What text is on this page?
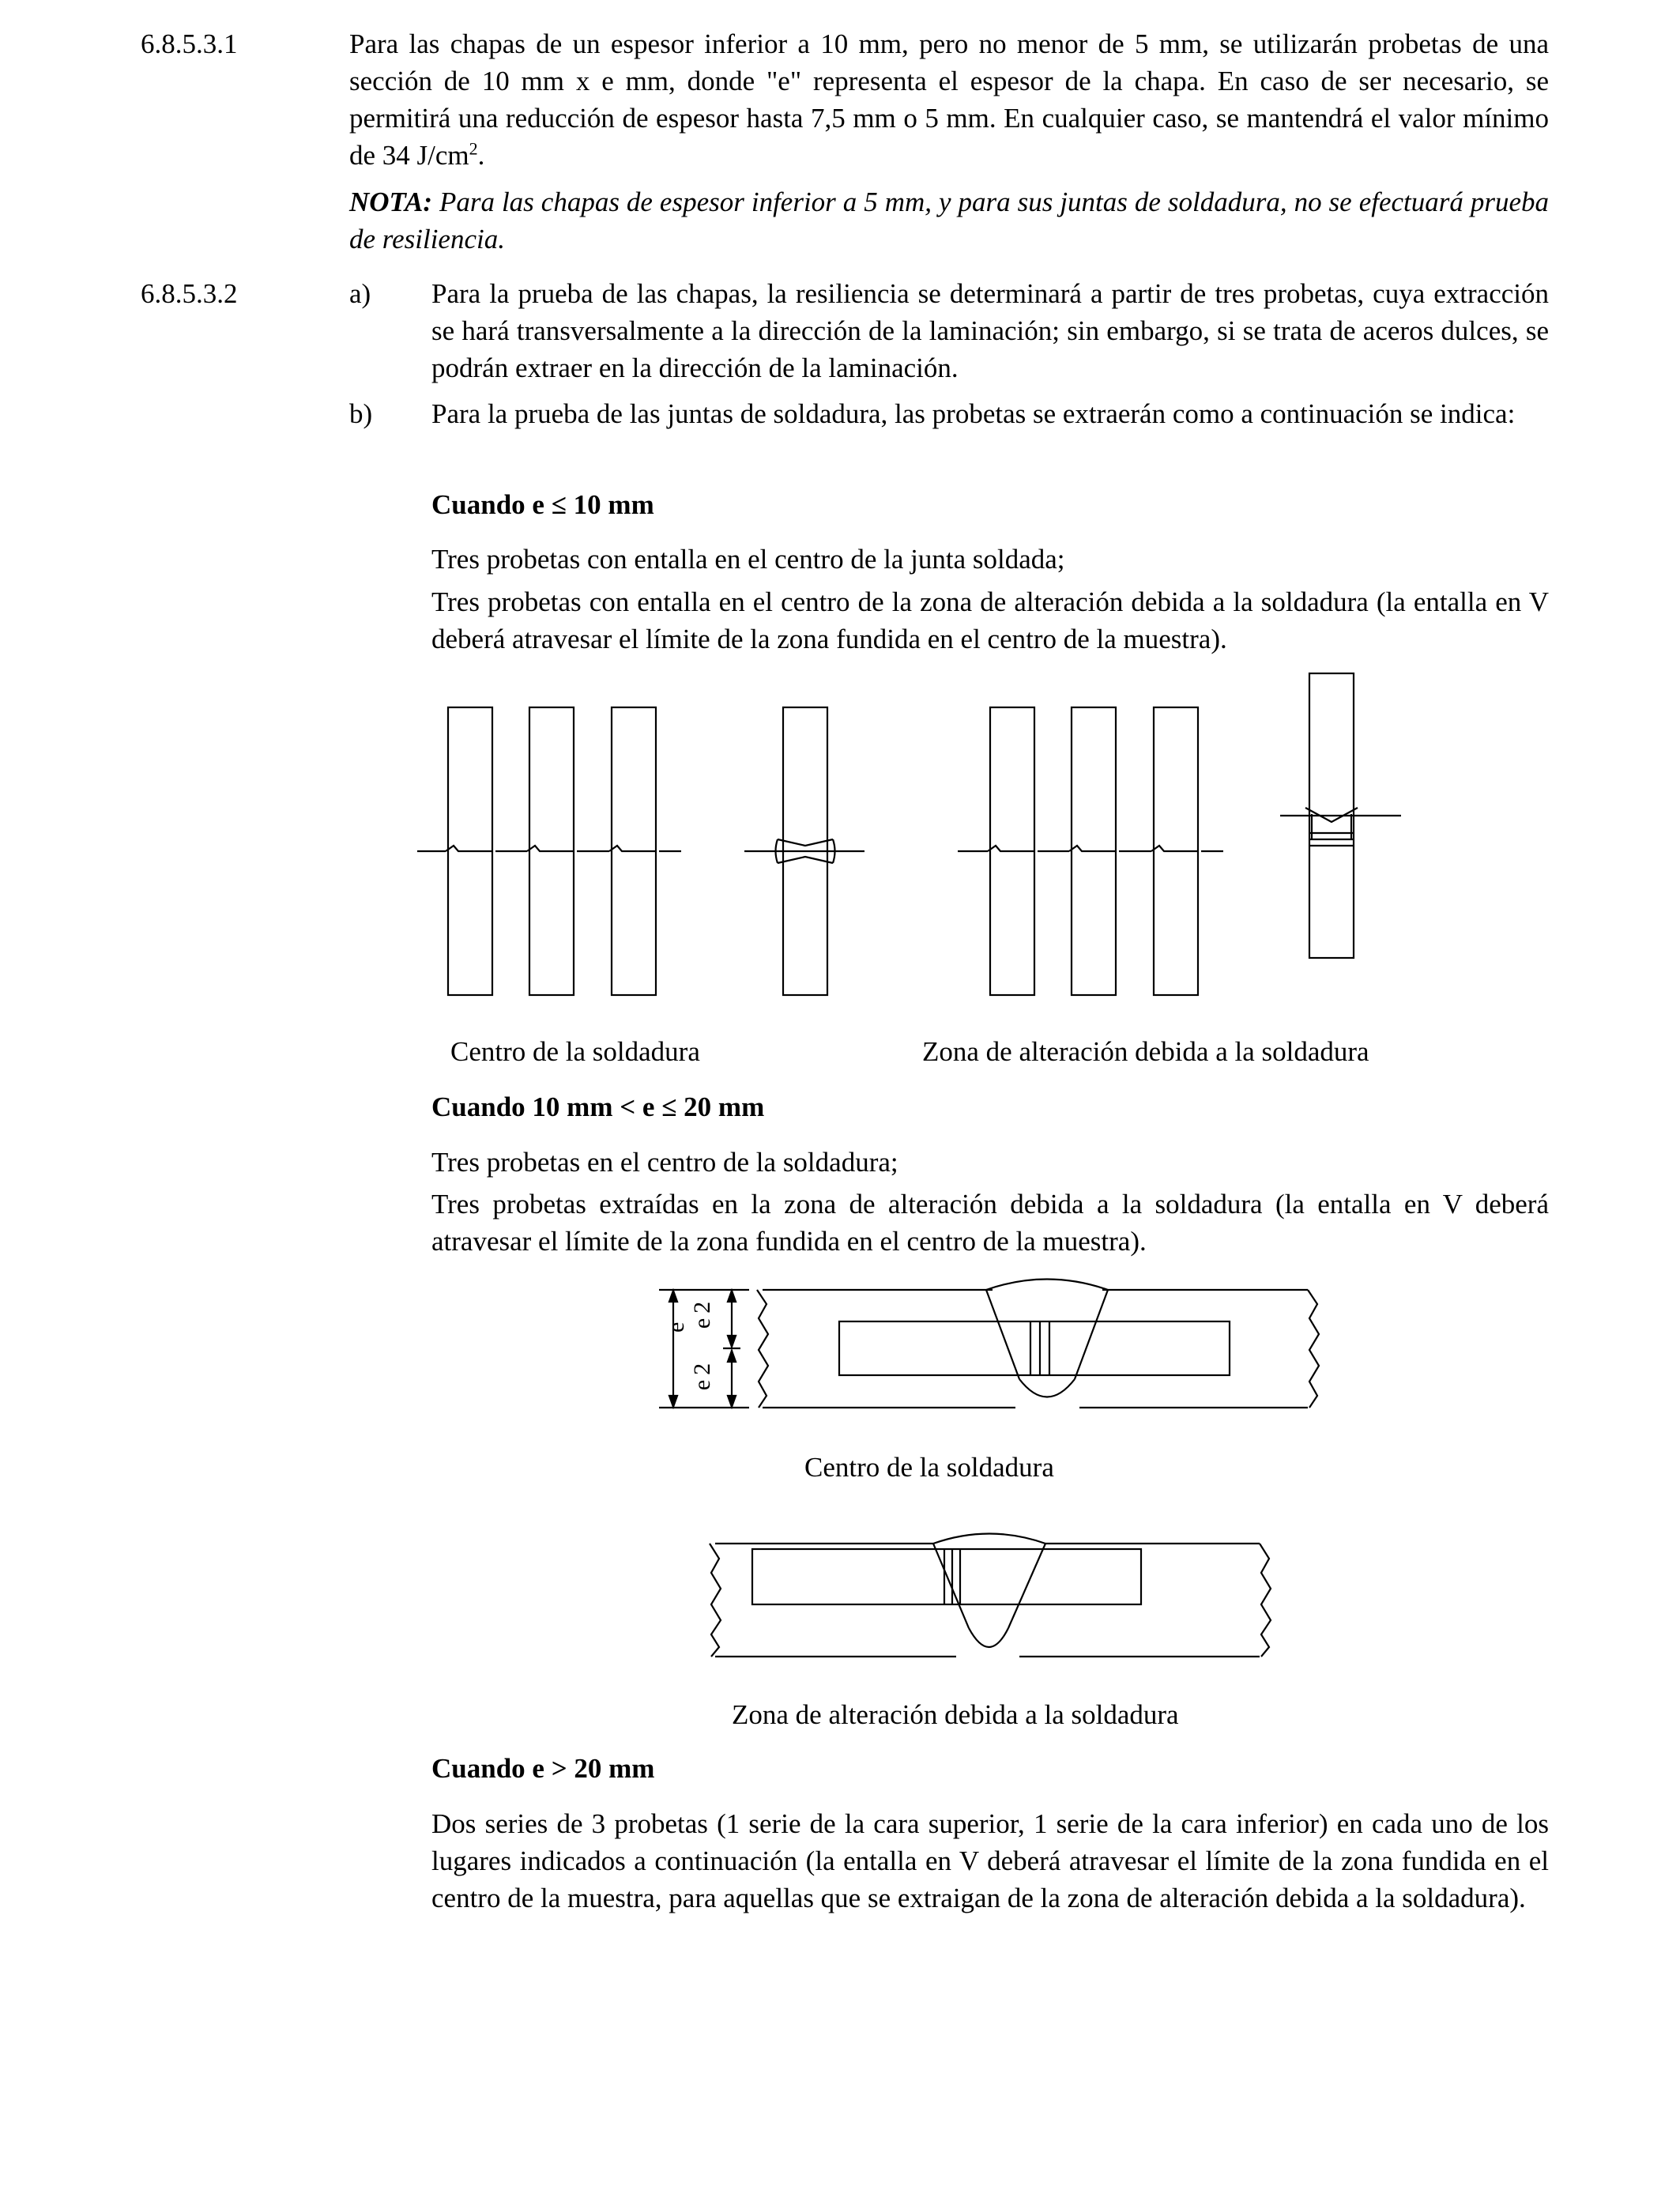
6.8.5.3.1	Para las chapas de un espesor inferior a 10 mm, pero no menor de 5 mm, se utilizarán probetas de una sección de 10 mm x e mm, donde "e" representa el espesor de la chapa. En caso de ser necesario, se permitirá una reducción de espesor hasta 7,5 mm o 5 mm. En cualquier caso, se mantendrá el valor mínimo de 34 $J/cm^2$.
NOTA: Para las chapas de espesor inferior a 5 mm, y para sus juntas de soldadura, no se efectuará prueba de resiliencia.
6.8.5.3.2	a) Para la prueba de las chapas, la resiliencia se determinará a partir de tres probetas, cuya extracción se hará transversalmente a la dirección de la laminación; sin embargo, si se trata de aceros dulces, se podrán extraer en la dirección de la laminación.
b) Para la prueba de las juntas de soldadura, las probetas se extraerán como a continuación se indica:
Cuando e ≤ 10 mm
Tres probetas con entalla en el centro de la junta soldada;
Tres probetas con entalla en el centro de la zona de alteración debida a la soldadura (la entalla en V deberá atravesar el límite de la zona fundida en el centro de la muestra).
Centro de la soldadura	Zona de alteración debida a la soldadura
Cuando 10 mm < e ≤ 20 mm
Tres probetas en el centro de la soldadura;
Tres probetas extraídas en la zona de alteración debida a la soldadura (la entalla en V deberá atravesar el límite de la zona fundida en el centro de la muestra).
e e2
e2
Centro de la soldadura
Zona de alteración debida a la soldadura
Cuando e > 20 mm
Dos series de 3 probetas (1 serie de la cara superior, 1 serie de la cara inferior) en cada uno de los lugares indicados a continuación (la entalla en V deberá atravesar el límite de la zona fundida en el centro de la muestra, para aquellas que se extraigan de la zona de alteración debida a la soldadura).
